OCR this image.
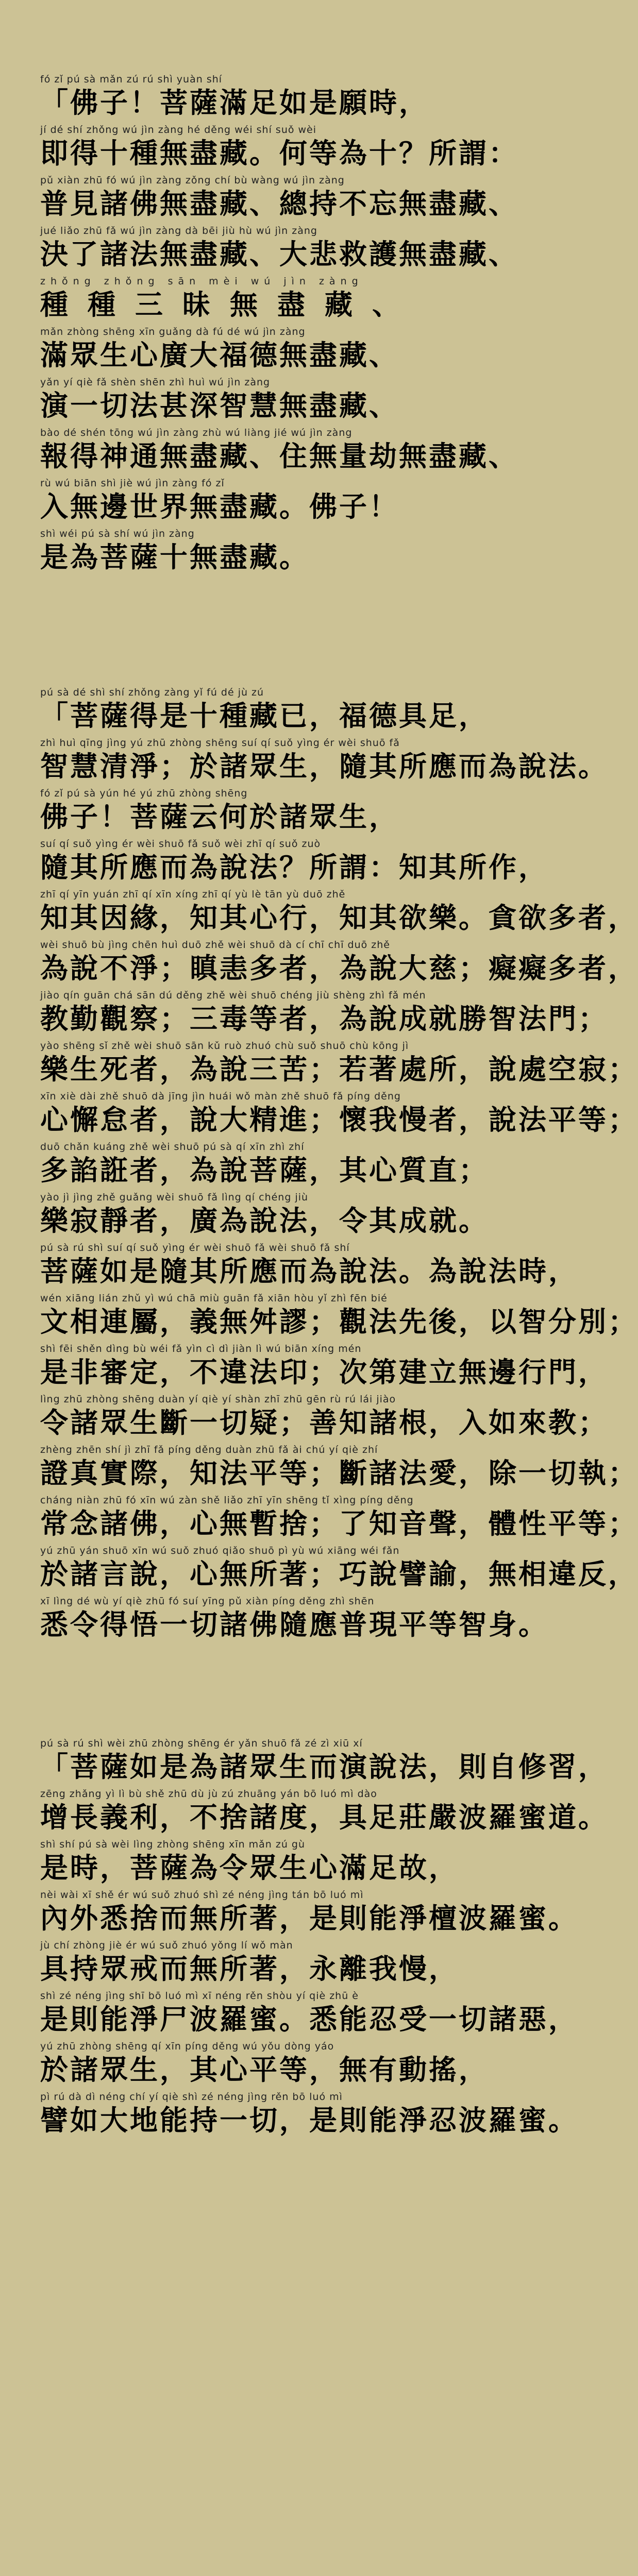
fó zǐ pú sà mǎn zú rú shì yuàn shí
「佛子！菩薩滿足如是願時，
jí dé shí zhǒng wú jìn zàng hé děng wéi shí suǒ wèi
即得十種無盡藏。何等為十？所謂：
pǔ xiàn zhū fó wú jìn zàng zǒng chí bù wàng wú jìn zàng
普見諸佛無盡藏、總持不忘無盡藏、
jué liǎo zhū fǎ wú jìn zàng dà bēi jiù hù wú jìn zàng
決了諸法無盡藏、大悲救護無盡藏、
zhǒng zhǒng sān mèi wú jìn zàng
種種三昧無盡藏、
mǎn zhòng shēng xīn guǎng dà fú dé wú jìn zàng
滿眾生心廣大福德無盡藏、
yǎn yí qiè fǎ shèn shēn zhì huì wú jìn zàng
演一切法甚深智慧無盡藏、
bào dé shén tōng wú jìn zàng zhù wú liàng jié wú jìn zàng
報得神通無盡藏、住無量劫無盡藏、
rù wú biān shì jiè wú jìn zàng fó zǐ
入無邊世界無盡藏。佛子！
shì wéi pú sà shí wú jìn zàng
是為菩薩十無盡藏。
pú sà dé shì shí zhǒng zàng yǐ fú dé jù zú
「菩薩得是十種藏已，福德具足，
zhì huì qīng jìng yú zhū zhòng shēng suí qí suǒ yìng ér wèi shuō fǎ
智慧清淨；於諸眾生，隨其所應而為說法。
fó zǐ pú sà yún hé yú zhū zhòng shēng
佛子！菩薩云何於諸眾生，
suí qí suǒ yìng ér wèi shuō fǎ suǒ wèi zhī qí suǒ zuò
隨其所應而為說法？所謂：知其所作，
zhī qí yīn yuán zhī qí xīn xíng zhī qí yù lè tān yù duō zhě
知其因緣，知其心行，知其欲樂。貪欲多者，
wèi shuō bù jìng chēn huì duō zhě wèi shuō dà cí chī chī duō zhě
為說不淨；瞋恚多者，為說大慈；癡癡多者，
jiào qín guān chá sān dú děng zhě wèi shuō chéng jiù shèng zhì fǎ mén
教勤觀察；三毒等者，為說成就勝智法門；
yào shēng sǐ zhě wèi shuō sān kǔ ruò zhuó chù suǒ shuō chù kōng jì
樂生死者，為說三苦；若著處所，說處空寂；
xīn xiè dài zhě shuō dà jīng jìn huái wǒ màn zhě shuō fǎ píng děng
心懈怠者，說大精進；懷我慢者，說法平等；
duō chǎn kuáng zhě wèi shuō pú sà qí xīn zhì zhí
多諂誑者，為說菩薩，其心質直；
yào jì jìng zhě guǎng wèi shuō fǎ lìng qí chéng jiù
樂寂靜者，廣為說法，令其成就。
pú sà rú shì suí qí suǒ yìng ér wèi shuō fǎ wèi shuō fǎ shí
菩薩如是隨其所應而為說法。為說法時，
wén xiāng lián zhǔ yì wú chā miù guān fǎ xiān hòu yǐ zhì fēn bié
文相連屬，義無舛謬；觀法先後，以智分別；
shì fēi shěn dìng bù wéi fǎ yìn cì dì jiàn lì wú biān xíng mén
是非審定，不違法印；次第建立無邊行門，
lìng zhū zhòng shēng duàn yí qiè yí shàn zhī zhū gēn rù rú lái jiào
令諸眾生斷一切疑；善知諸根，入如來教；
zhèng zhēn shí jì zhī fǎ píng děng duàn zhū fǎ ài chú yí qiè zhí
證真實際，知法平等；斷諸法愛，除一切執；
cháng niàn zhū fó xīn wú zàn shě liǎo zhī yīn shēng tǐ xìng píng děng
常念諸佛，心無暫捨；了知音聲，體性平等；
yú zhū yán shuō xīn wú suǒ zhuó qiǎo shuō pì yù wú xiāng wéi fǎn
於諸言說，心無所著；巧說譬諭，無相違反，
xī lìng dé wù yí qiè zhū fó suí yīng pǔ xiàn píng děng zhì shēn
悉令得悟一切諸佛隨應普現平等智身。
pú sà rú shì wèi zhū zhòng shēng ér yǎn shuō fǎ zé zì xiū xí
「菩薩如是為諸眾生而演說法，則自修習，
zēng zhǎng yì lì bù shě zhū dù jù zú zhuāng yán bō luó mì dào
增長義利，不捨諸度，具足莊嚴波羅蜜道。
shì shí pú sà wèi lìng zhòng shēng xīn mǎn zú gù
是時，菩薩為令眾生心滿足故，
nèi wài xī shě ér wú suǒ zhuó shì zé néng jìng tán bō luó mì
內外悉捨而無所著，是則能淨檀波羅蜜。
jù chí zhòng jiè ér wú suǒ zhuó yǒng lí wǒ màn
具持眾戒而無所著，永離我慢，
shì zé néng jìng shī bō luó mì xī néng rěn shòu yí qiè zhū è
是則能淨尸波羅蜜。悉能忍受一切諸惡，
yú zhū zhòng shēng qí xīn píng děng wú yǒu dòng yáo
於諸眾生，其心平等，無有動搖，
pì rú dà dì néng chí yí qiè shì zé néng jìng rěn bō luó mì
譬如大地能持一切，是則能淨忍波羅蜜。
